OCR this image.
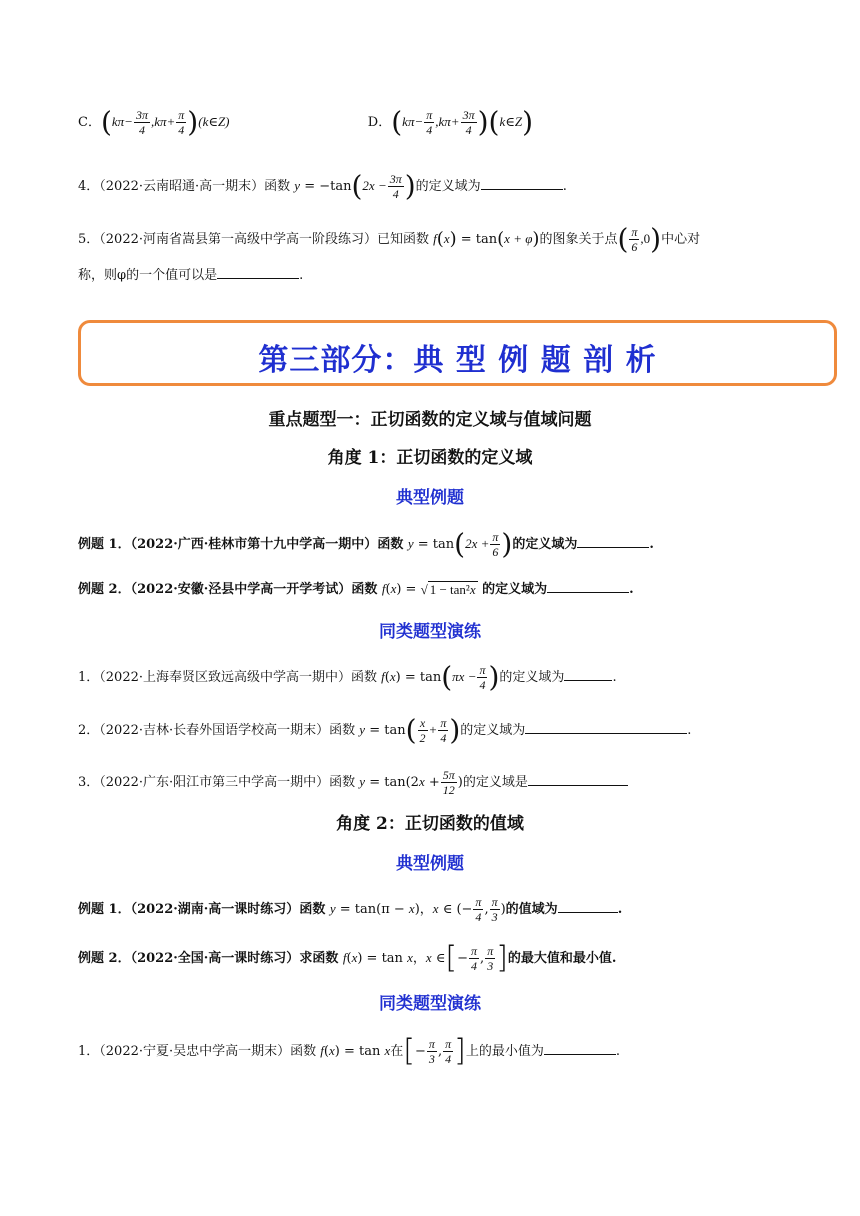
C．($k\pi- \frac{3\pi}{4} ,k\pi+ \frac{\pi}{4}$ )(k∈Z)	D．($k\pi- \frac{\pi}{4} ,k\pi+ \frac{3\pi}{4}$ )(k∈Z)
4．（2022·云南昭通·高一期末）函数 $y = -\tan(2x - \frac{3\pi}{4}$ )的定义域为	.
5．（2022·河南省嵩县第一高级中学高一阶段练习）已知函数 f(x) = tan(x + φ)的图象关于点( $\frac{\pi}{6} ,0$)中心对
称，则φ的一个值可以是	.
第三部分：典 型 例 题 剖 析
重点题型一：正切函数的定义域与值域问题
角度 1：正切函数的定义域
典型例题
例题 1．（2022·广西·桂林市第十九中学高一期中）函数 $y = \tan(2x + \frac{\pi}{6}$ )的定义域为	.
例题 2．（2022·安徽·泾县中学高一开学考试）函数 f(x) = √ 1 − tan²x 的定义域为	.
同类题型演练
1．（2022·上海奉贤区致远高级中学高一期中）函数 $f(x) = \tan(\pi x - \frac{\pi}{4}$ )的定义域为	.
2．（2022·吉林·长春外国语学校高一期末）函数 $y = \tan( \frac{x}{2} + \frac{\pi}{4}$ )的定义域为	.
3．（2022·广东·阳江市第三中学高一期中）函数 $y = \tan(2x + \frac{5\pi}{12}$ )的定义域是
角度 2：正切函数的值域
典型例题
例题 1．（2022·湖南·高一课时练习）函数 y = tan(π − x)，x ∈ (− $\frac{\pi}{4}$ , $\frac{\pi}{3}$ )的值域为	.
例题 2．（2022·全国·高一课时练习）求函数 f(x) = tan x，x ∈[− $\frac{\pi}{4}$ , $\frac{\pi}{3}$ ]的最大值和最小值.
同类题型演练
1．（2022·宁夏·吴忠中学高一期末）函数 f(x) = tan x在[− $\frac{\pi}{3}$ , $\frac{\pi}{4}$ ]上的最小值为	.
